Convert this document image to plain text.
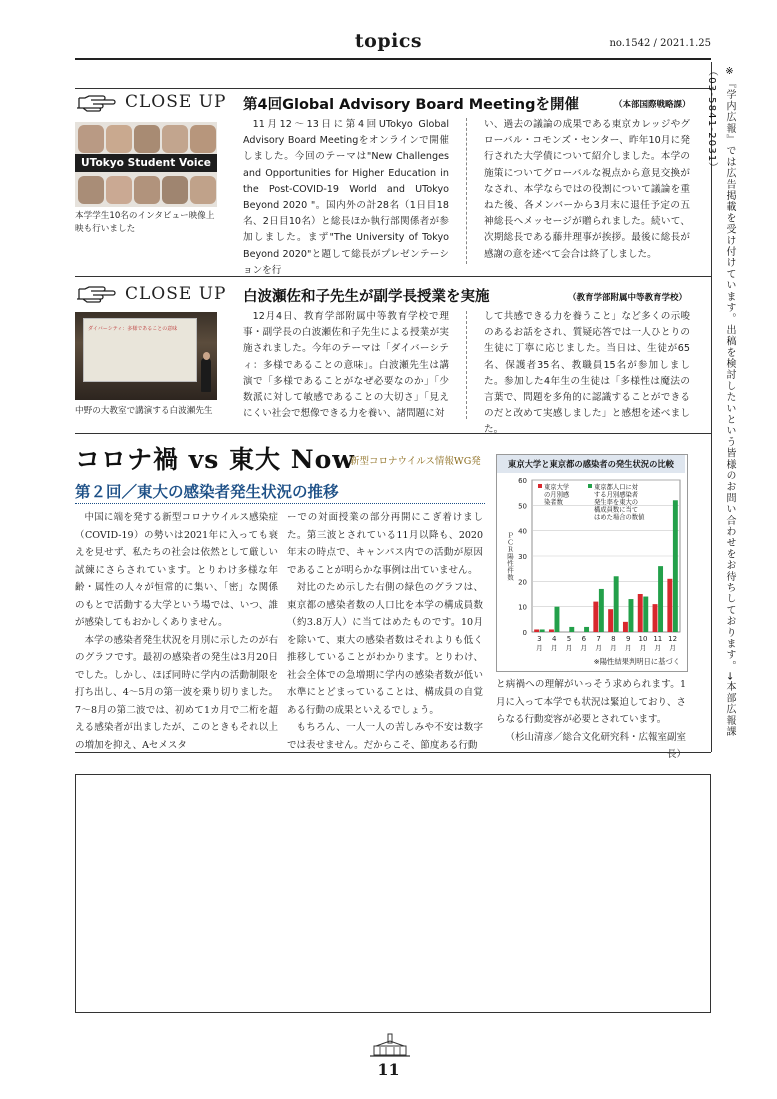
topics	no.1542 / 2021.1.25
CLOSE UP 第4回Global Advisory Board Meetingを開催	（本部国際戦略課）
UTokyo Student Voice
本学学生10名のインタビュー映像上映も行いました

11月12〜13日に第4回UTokyo Global Advisory Board Meetingをオンラインで開催しました。今回のテーマは"New Challenges and Opportunities for Higher Education in the Post-COVID-19 World and UTokyo Beyond 2020 "。国内外の計28名（1日目18名、2日目10名）と総長ほか執行部関係者が参加しました。まず"The University of Tokyo Beyond 2020"と題して総長がプレゼンテーションを行

い、過去の議論の成果である東京カレッジやグローバル・コモンズ・センター、昨年10月に発行された大学債について紹介しました。本学の施策についてグローバルな視点から意見交換がなされ、本学ならではの役割について議論を重ねた後、各メンバーから3月末に退任予定の五神総長へメッセージが贈られました。続いて、次期総長である藤井理事が挨拶。最後に総長が感謝の意を述べて会合は終了しました。

CLOSE UP 白波瀬佐和子先生が副学長授業を実施	（教育学部附属中等教育学校）
ダイバーシティ：多様であることの意味
中野の大教室で講演する白波瀬先生

12月4日、教育学部附属中等教育学校で理事・副学長の白波瀬佐和子先生による授業が実施されました。今年のテーマは「ダイバーシティ：多様であることの意味」。白波瀬先生は講演で「多様であることがなぜ必要なのか」「少数派に対して敏感であることの大切さ」「見えにくい社会で想像できる力を養い、諸問題に対

して共感できる力を養うこと」など多くの示唆のあるお話をされ、質疑応答では一人ひとりの生徒に丁寧に応じました。当日は、生徒が65名、保護者35名、教職員15名が参加しました。参加した4年生の生徒は「多様性は魔法の言葉で、問題を多角的に認識することができるのだと改めて実感しました」と感想を述べました。

コロナ禍 vs 東大 Now
新型コロナウイルス情報WG発
第２回／東大の感染者発生状況の推移

中国に端を発する新型コロナウイルス感染症（COVID-19）の勢いは2021年に入っても衰えを見せず、私たちの社会は依然として厳しい試練にさらされています。とりわけ多様な年齢・属性の人々が恒常的に集い、「密」な関係のもとで活動する大学という場では、いつ、誰が感染してもおかしくありません。

本学の感染者発生状況を月別に示したのが右のグラフです。最初の感染者の発生は3月20日でした。しかし、ほぼ同時に学内の活動制限を打ち出し、4〜5月の第一波を乗り切りました。7〜8月の第二波では、初めて1カ月で二桁を超える感染者が出ましたが、このときもそれ以上の増加を抑え、Aセメスタ

ーでの対面授業の部分再開にこぎ着けました。第三波とされている11月以降も、2020年末の時点で、キャンパス内での活動が原因であることが明らかな事例は出ていません。

対比のため示した右側の緑色のグラフは、東京都の感染者数の人口比を本学の構成員数（約3.8万人）に当てはめたものです。10月を除いて、東大の感染者数はそれよりも低く推移していることがわかります。とりわけ、社会全体での急増期に学内の感染者数が低い水準にとどまっていることは、構成員の自覚ある行動の成果といえるでしょう。

もちろん、一人一人の苦しみや不安は数字では表せません。だからこそ、節度ある行動

と病禍への理解がいっそう求められます。1月に入って本学でも状況は緊迫しており、さらなる行動変容が必要とされています。

（杉山清彦／総合文化研究科・広報室副室長）
東京大学と東京都の感染者の発生状況の比較
0
10
20
30
40
50
60
ＰＣＲ陽性件数
3
月
4
月
5
月
6
月
7
月
8
月
9
月
10
月
11
月
12
月
東京大学
の月別感
染者数
東京都人口に対
する月別感染者
発生率を東大の
構成員数に当て
はめた場合の数値
※陽性結果判明日に基づく	※『学内広報』では広告掲載を受け付けています。出稿を検討したいという皆様のお問い合わせをお待ちしております。→本部広報課（03-5841-2031）
11
